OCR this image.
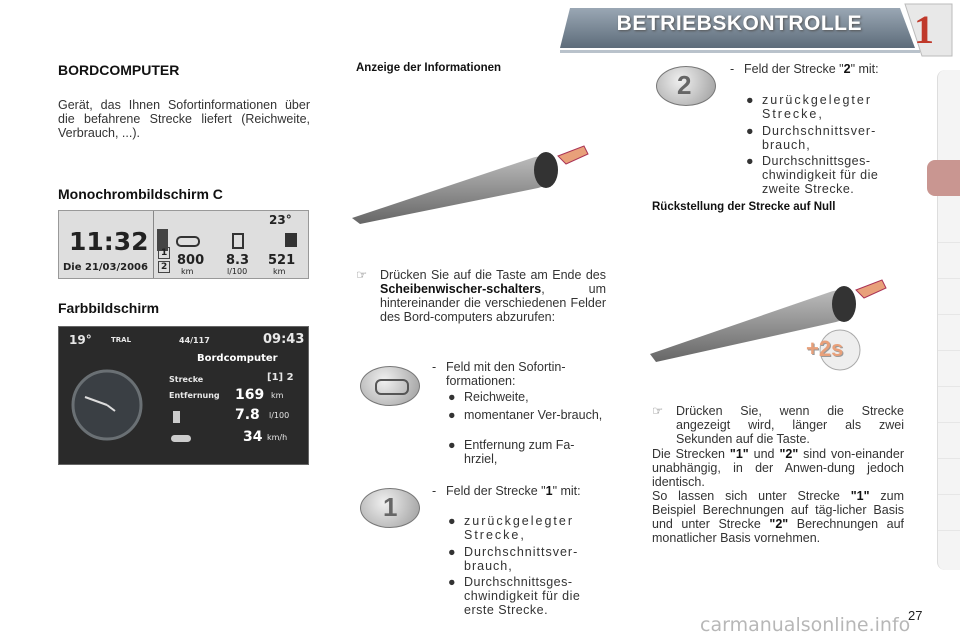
BETRIEBSKONTROLLE 1
BORDCOMPUTER
Gerät, das Ihnen Sofortinformationen über die befahrene Strecke liefert (Reichweite, Verbrauch, ...).
Monochrombildschirm C
11:32
Die 21/03/2006
23°
1
2 800 8.3 521
km	l/100	km
Farbbildschirm
19°	TRAL	44/117	09:43
Bordcomputer
Strecke	[1] 2
Entfernung 169 km
7.8 l/100
34 km/h
Anzeige der Informationen
☞ Drücken Sie auf die Taste am Ende des Scheibenwischer-schalters, um hintereinander die verschiedenen Felder des Bord-computers abzurufen:
- Feld mit den Sofortin-formationen:
● Reichweite,
● momentaner Ver-brauch,
● Entfernung zum Fa-hrziel,
1
- Feld der Strecke "1" mit:
● zurückgelegter Strecke,
● Durchschnittsver-brauch,
● Durchschnittsges-chwindigkeit für die erste Strecke.
2
- Feld der Strecke "2" mit:
● zurückgelegter Strecke,
● Durchschnittsver-brauch,
● Durchschnittsges-chwindigkeit für die zweite Strecke.
Rückstellung der Strecke auf Null
+2s
☞ Drücken Sie, wenn die Strecke angezeigt wird, länger als zwei Sekunden auf die Taste.
Die Strecken "1" und "2" sind von-einander unabhängig, in der Anwen-dung jedoch identisch.
So lassen sich unter Strecke "1" zum Beispiel Berechnungen auf täg-licher Basis und unter Strecke "2" Berechnungen auf monatlicher Basis vornehmen.
27
carmanualsonline.info
